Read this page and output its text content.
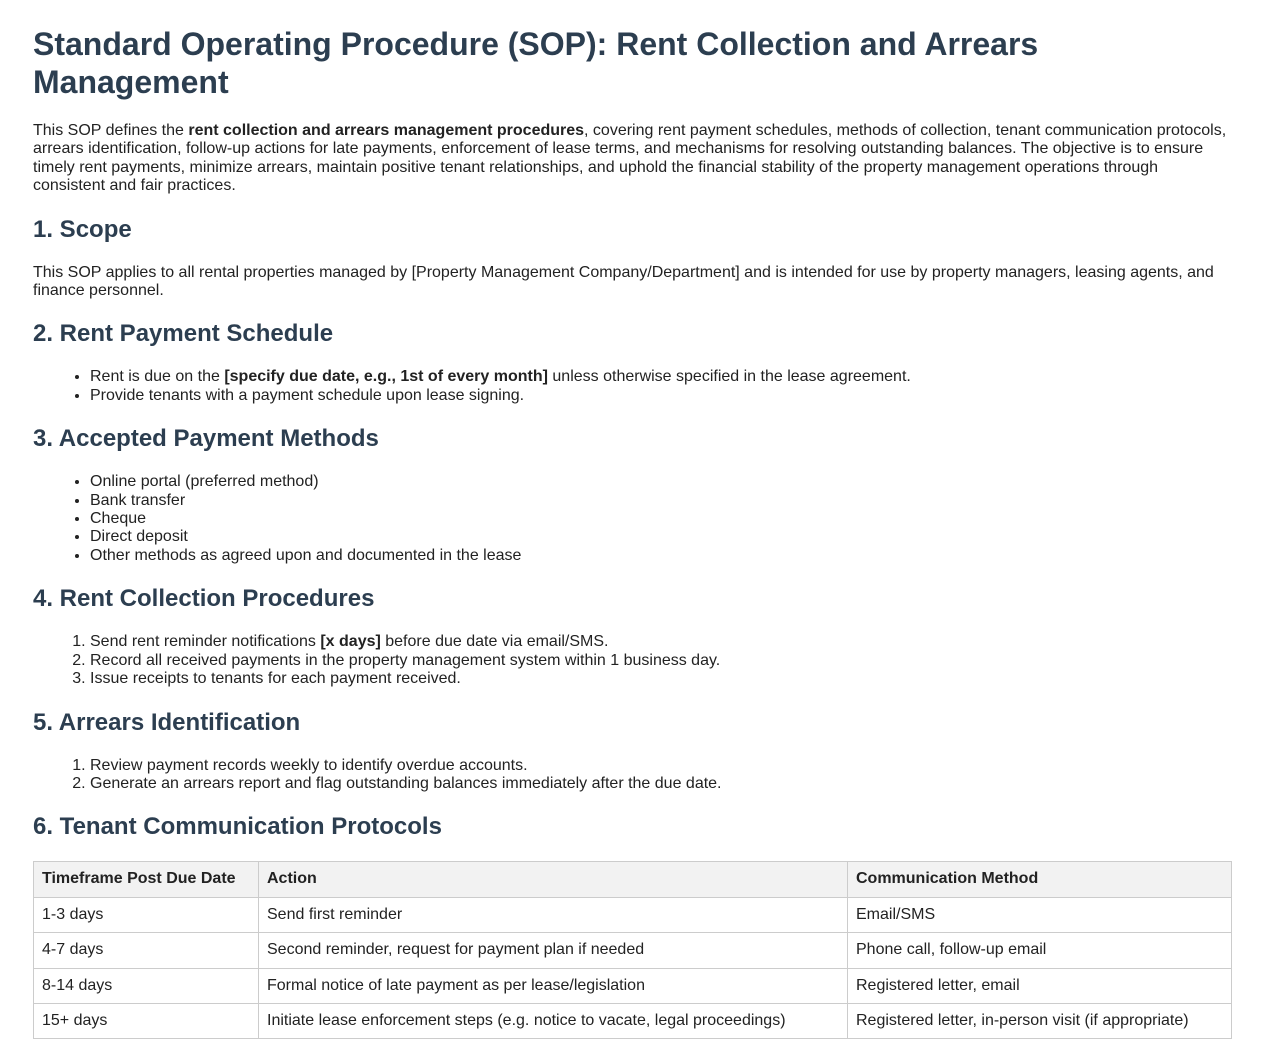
Standard Operating Procedure (SOP): Rent Collection and Arrears Management

This SOP defines the rent collection and arrears management procedures, covering rent payment schedules, methods of collection, tenant communication protocols, arrears identification, follow-up actions for late payments, enforcement of lease terms, and mechanisms for resolving outstanding balances. The objective is to ensure timely rent payments, minimize arrears, maintain positive tenant relationships, and uphold the financial stability of the property management operations through consistent and fair practices.

1. Scope

This SOP applies to all rental properties managed by [Property Management Company/Department] and is intended for use by property managers, leasing agents, and finance personnel.

2. Rent Payment Schedule
• Rent is due on the [specify due date, e.g., 1st of every month] unless otherwise specified in the lease agreement.
• Provide tenants with a payment schedule upon lease signing.
3. Accepted Payment Methods
• Online portal (preferred method)
• Bank transfer
• Cheque
• Direct deposit
• Other methods as agreed upon and documented in the lease
4. Rent Collection Procedures
1. Send rent reminder notifications [x days] before due date via email/SMS.
2. Record all received payments in the property management system within 1 business day.
3. Issue receipts to tenants for each payment received.
5. Arrears Identification
1. Review payment records weekly to identify overdue accounts.
2. Generate an arrears report and flag outstanding balances immediately after the due date.
6. Tenant Communication Protocols
Timeframe Post Due Date	Action	Communication Method
1-3 days	Send first reminder	Email/SMS
4-7 days	Second reminder, request for payment plan if needed	Phone call, follow-up email
8-14 days	Formal notice of late payment as per lease/legislation	Registered letter, email
15+ days	Initiate lease enforcement steps (e.g. notice to vacate, legal proceedings)	Registered letter, in-person visit (if appropriate)
